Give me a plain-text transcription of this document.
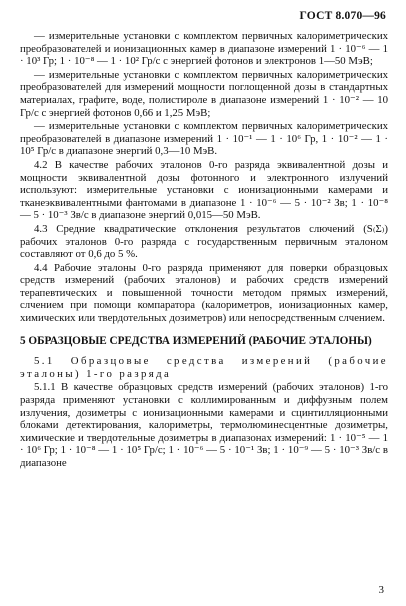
ГОСТ 8.070—96

— измерительные установки с комплектом первичных калориметрических преобразователей и ионизационных камер в диапазоне измерений 1 · 10⁻⁶ — 1 · 10³ Гр; 1 · 10⁻⁸ — 1 · 10² Гр/с с энергией фотонов и электронов 1—50 МэВ;

— измерительные установки с комплектом первичных калориметрических преобразователей для измерений мощности поглощенной дозы в стандартных материалах, графите, воде, полистироле в диапазоне измерений 1 · 10⁻² — 10 Гр/с с энергией фотонов 0,66 и 1,25 МэВ;

— измерительные установки с комплектом первичных калориметрических преобразователей в диапазоне измерений 1 · 10⁻¹ — 1 · 10⁶ Гр, 1 · 10⁻² — 1 · 10⁵ Гр/с в диапазоне энергий 0,3—10 МэВ.

4.2 В качестве рабочих эталонов 0-го разряда эквивалентной дозы и мощности эквивалентной дозы фотонного и электронного излучений используют: измерительные установки с ионизационными камерами и тканеэквивалентными фантомами в диапазоне 1 · 10⁻⁶ — 5 · 10⁻² Зв; 1 · 10⁻⁸ — 5 · 10⁻³ Зв/с в диапазоне энергий 0,015—50 МэВ.

4.3 Средние квадратические отклонения результатов слючений (S₍Σ₎) рабочих эталонов 0-го разряда с государственным первичным эталоном составляют от 0,6 до 5 %.

4.4 Рабочие эталоны 0-го разряда применяют для поверки образцовых средств измерений (рабочих эталонов) и рабочих средств измерений терапевтических и повышенной точности методом прямых измерений, слчением при помощи компаратора (калориметров, ионизационных камер, химических или твердотельных дозиметров) или непосредственным слчением.

5 ОБРАЗЦОВЫЕ СРЕДСТВА ИЗМЕРЕНИЙ (РАБОЧИЕ ЭТАЛОНЫ)

5.1 Образцовые средства измерений (рабочие эталоны) 1-го разряда

5.1.1 В качестве образцовых средств измерений (рабочих эталонов) 1-го разряда применяют установки с коллимированным и диффузным полем излучения, дозиметры с ионизационными камерами и сцинтилляционными блоками детектирования, калориметры, термолюминесцентные дозиметры, химические и твердотельные дозиметры в диапазонах измерений: 1 · 10⁻⁵ — 1 · 10⁶ Гр; 1 · 10⁻⁸ — 1 · 10⁵ Гр/с; 1 · 10⁻⁶ — 5 · 10⁻¹ Зв; 1 · 10⁻⁹ — 5 · 10⁻³ Зв/с в диапазоне

3
